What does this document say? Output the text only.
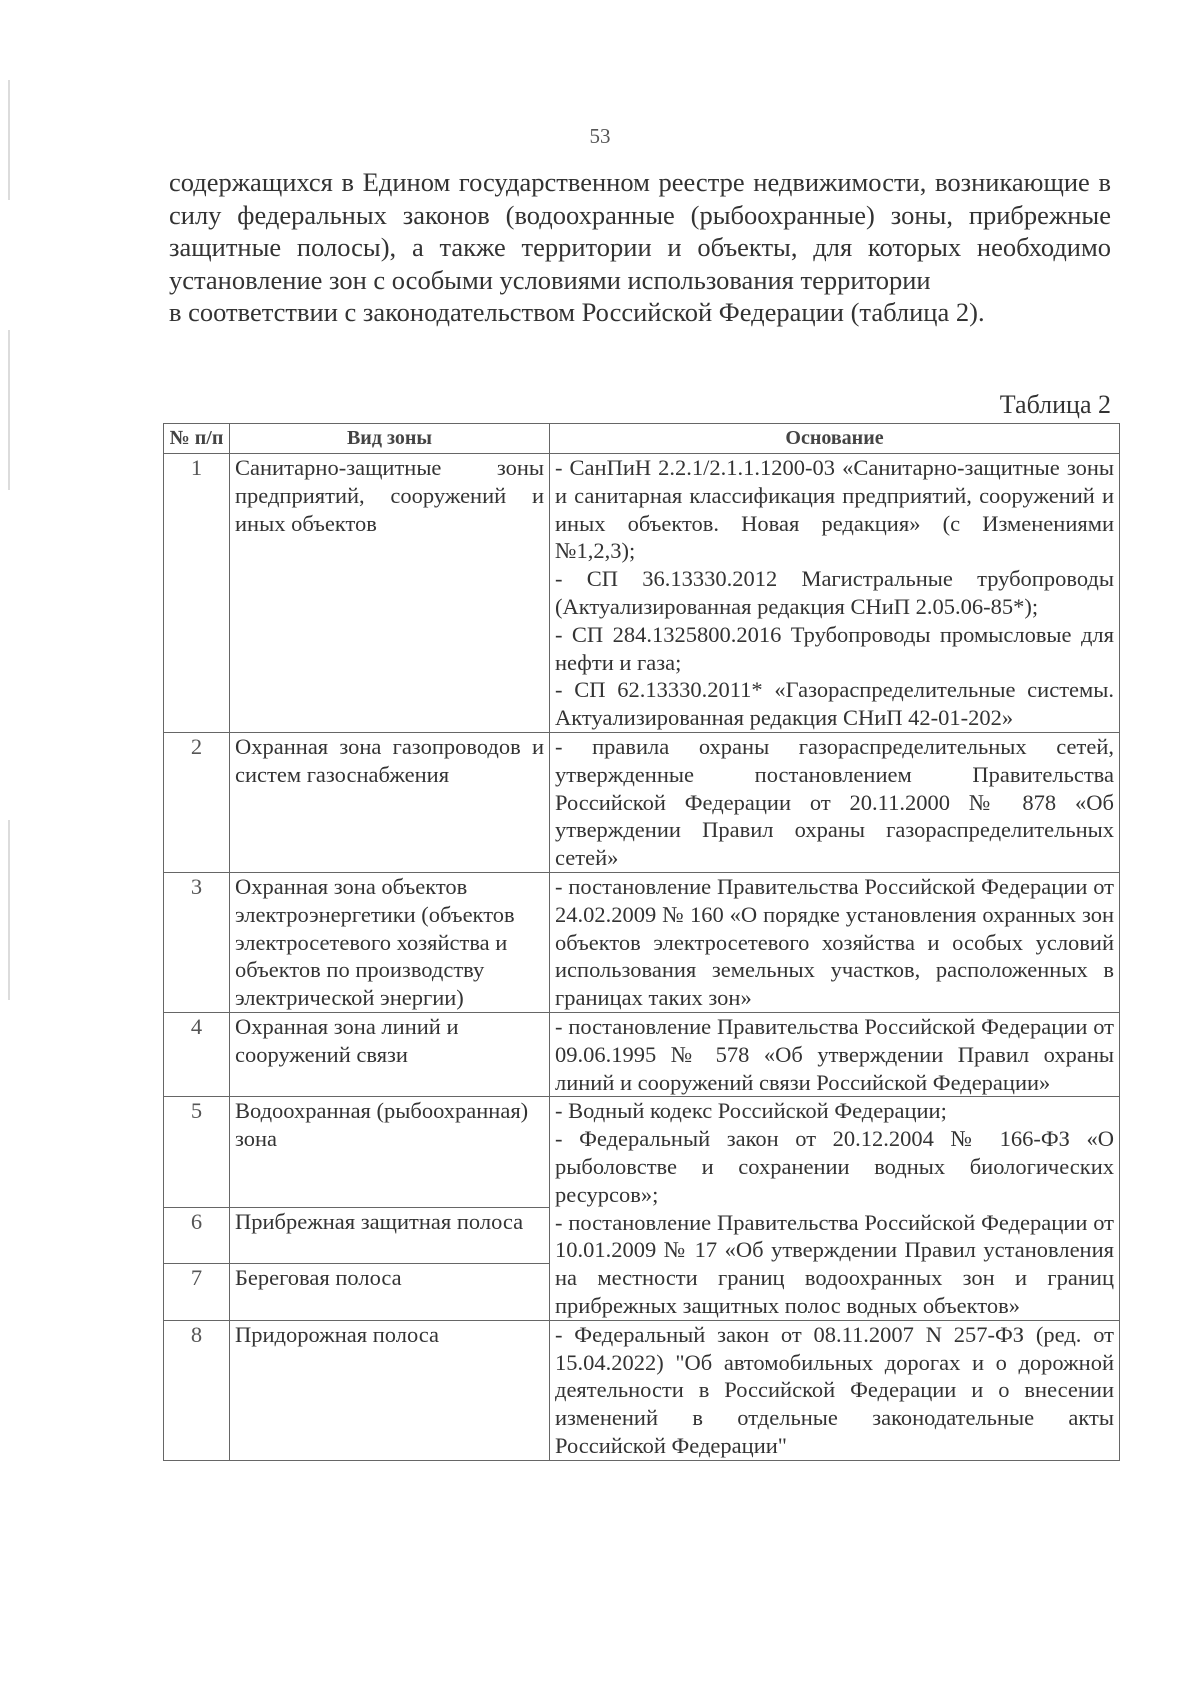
53

содержащихся в Едином государственном реестре недвижимости, возникающие в силу федеральных законов (водоохранные (рыбоохранные) зоны, прибрежные защитные полосы), а также территории и объекты, для которых необходимо установление зон с особыми условиями использования территории

в соответствии с законодательством Российской Федерации (таблица 2).

Таблица 2
№ п/п	Вид зоны	Основание
1	Санитарно-защитные зоны предприятий, сооружений и иных объектов	- СанПиН 2.2.1/2.1.1.1200-03 «Санитарно-защитные зоны и санитарная классификация предприятий, сооружений и иных объектов. Новая редакция» (с Изменениями №1,2,3);
- СП 36.13330.2012 Магистральные трубопроводы (Актуализированная редакция СНиП 2.05.06-85*);
- СП 284.1325800.2016 Трубопроводы промысловые для нефти и газа;
- СП 62.13330.2011* «Газораспределительные системы. Актуализированная редакция СНиП 42-01-202»

2	Охранная зона газопроводов и систем газоснабжения	- правила охраны газораспределительных сетей, утвержденные постановлением Правительства Российской Федерации от 20.11.2000 № 878 «Об утверждении Правил охраны газораспределительных сетей»

3	Охранная зона объектов электроэнергетики (объектов электросетевого хозяйства и объектов по производству электрической энергии)	- постановление Правительства Российской Федерации от 24.02.2009 № 160 «О порядке установления охранных зон объектов электросетевого хозяйства и особых условий использования земельных участков, расположенных в границах таких зон»

4	Охранная зона линий и сооружений связи	- постановление Правительства Российской Федерации от 09.06.1995 № 578 «Об утверждении Правил охраны линий и сооружений связи Российской Федерации»

5	Водоохранная (рыбоохранная) зона	- Водный кодекс Российской Федерации;
- Федеральный закон от 20.12.2004 № 166-ФЗ «О рыболовстве и сохранении водных биологических ресурсов»;
- постановление Правительства Российской Федерации от 10.01.2009 № 17 «Об утверждении Правил установления на местности границ водоохранных зон и границ прибрежных защитных полос водных объектов»

6	Прибрежная защитная полоса	
7	Береговая полоса	
8	Придорожная полоса	- Федеральный закон от 08.11.2007 N 257-ФЗ (ред. от 15.04.2022) "Об автомобильных дорогах и о дорожной деятельности в Российской Федерации и о внесении изменений в отдельные законодательные акты Российской Федерации"
